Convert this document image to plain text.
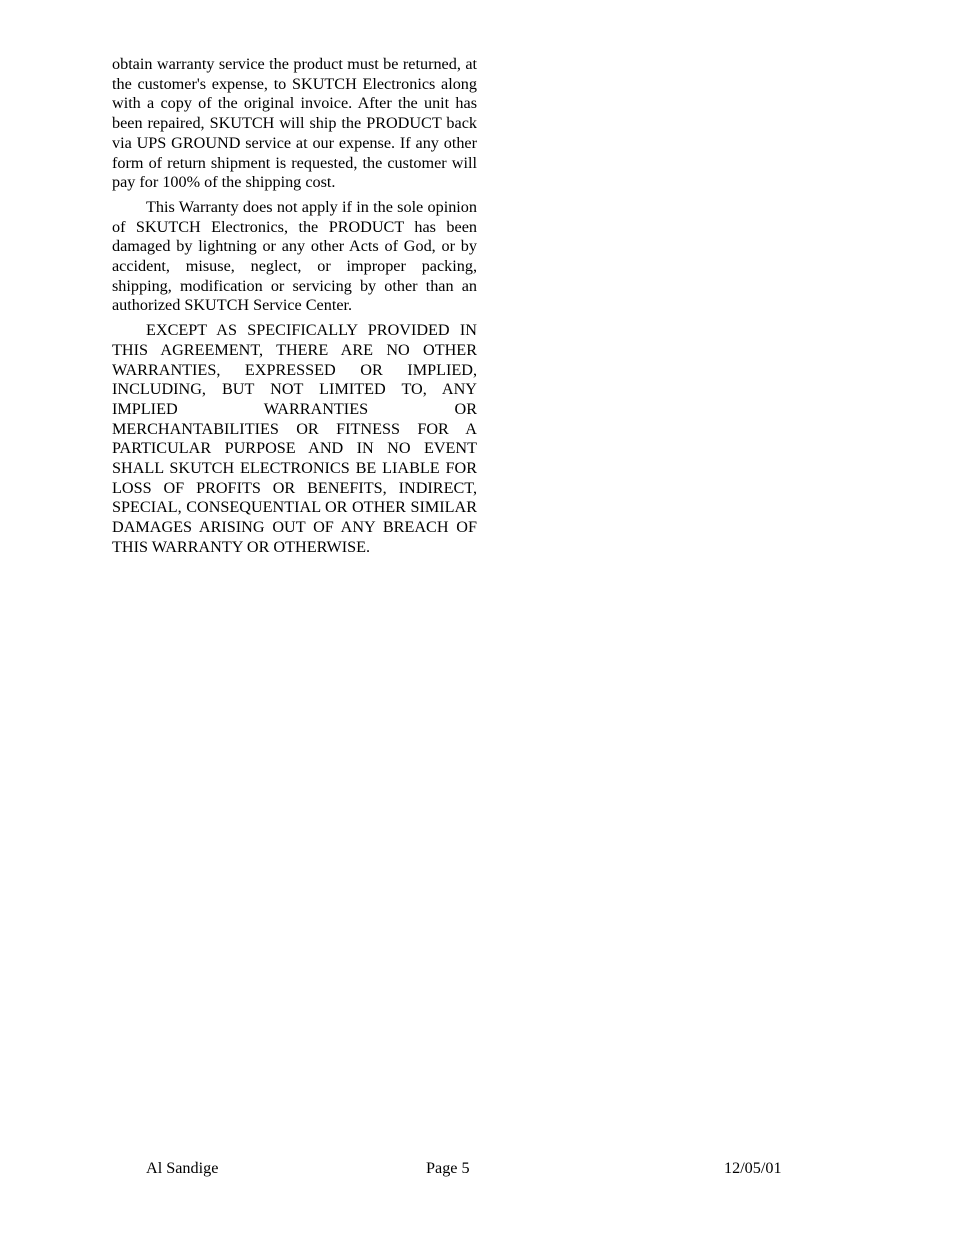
obtain warranty service the product must be returned, at the customer's expense, to SKUTCH Electronics along with a copy of the original invoice. After the unit has been repaired, SKUTCH will ship the PRODUCT back via UPS GROUND service at our expense. If any other form of return shipment is requested, the customer will pay for 100% of the shipping cost.

This Warranty does not apply if in the sole opinion of SKUTCH Electronics, the PRODUCT has been damaged by lightning or any other Acts of God, or by accident, misuse, neglect, or improper packing, shipping, modification or servicing by other than an authorized SKUTCH Service Center.

EXCEPT AS SPECIFICALLY PROVIDED IN THIS AGREEMENT, THERE ARE NO OTHER WARRANTIES, EXPRESSED OR IMPLIED, INCLUDING, BUT NOT LIMITED TO, ANY IMPLIED WARRANTIES OR MERCHANTABILITIES OR FITNESS FOR A PARTICULAR PURPOSE AND IN NO EVENT SHALL SKUTCH ELECTRONICS BE LIABLE FOR LOSS OF PROFITS OR BENEFITS, INDIRECT, SPECIAL, CONSEQUENTIAL OR OTHER SIMILAR DAMAGES ARISING OUT OF ANY BREACH OF THIS WARRANTY OR OTHERWISE.

Al Sandige	Page 5	12/05/01
